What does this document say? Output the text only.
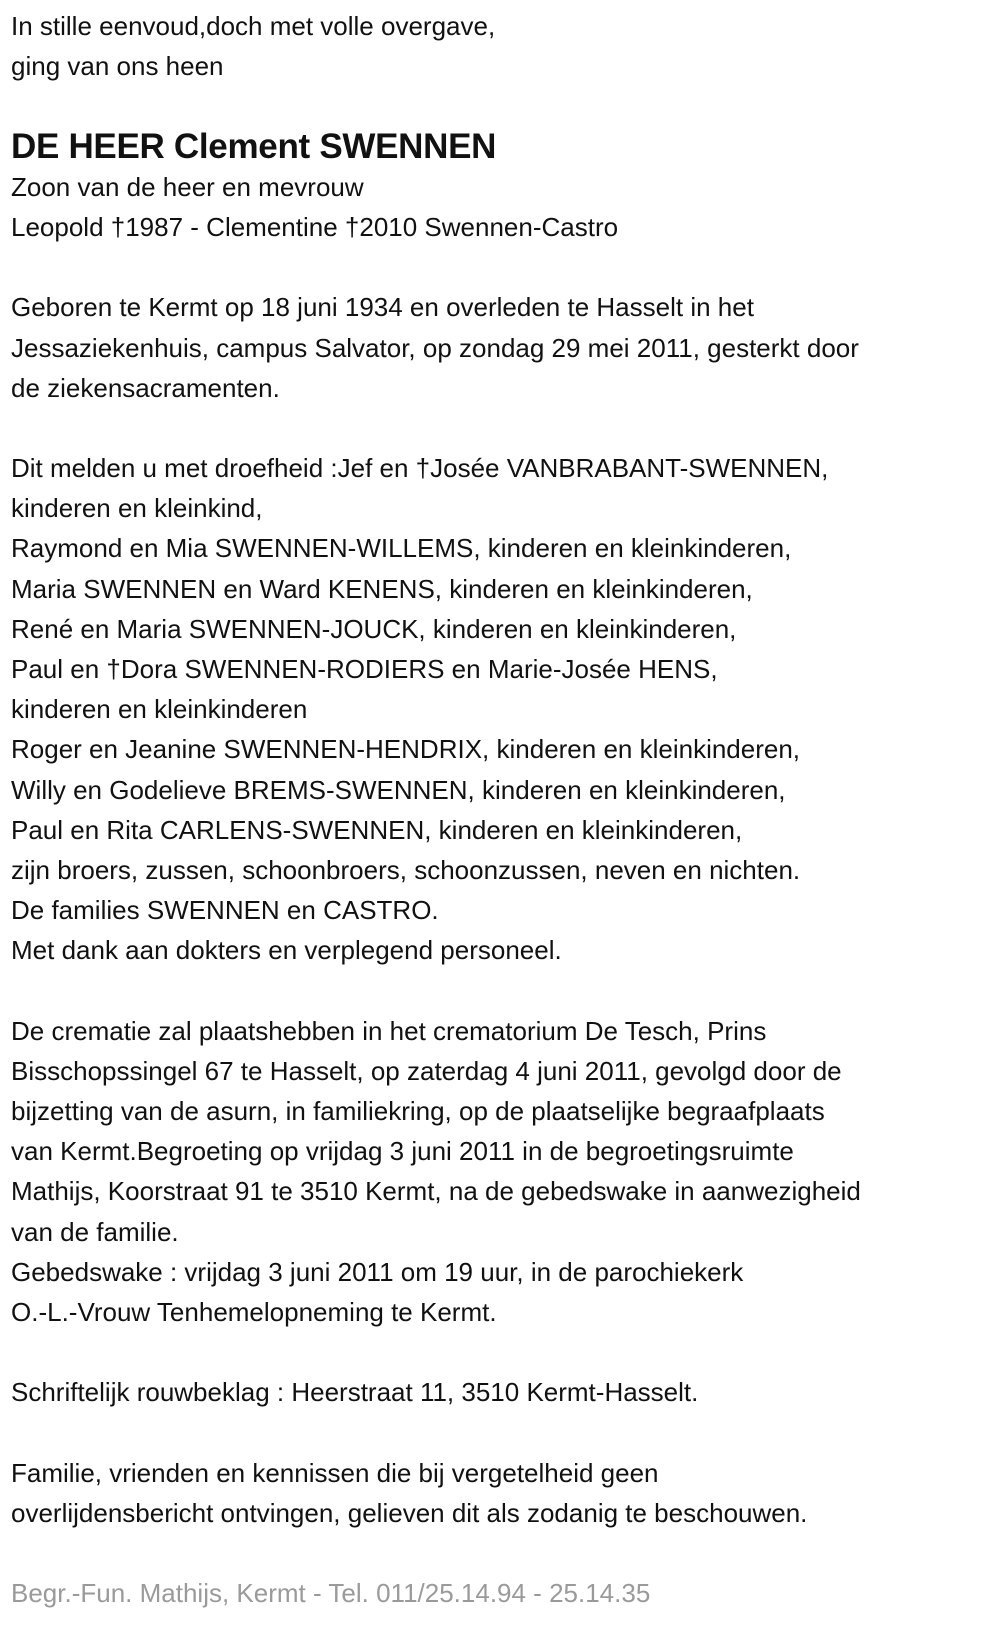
In stille eenvoud,doch met volle overgave,
ging van ons heen
DE HEER Clement SWENNEN
Zoon van de heer en mevrouw
Leopold †1987 - Clementine †2010 Swennen-Castro
Geboren te Kermt op 18 juni 1934 en overleden te Hasselt in het
Jessaziekenhuis, campus Salvator, op zondag 29 mei 2011, gesterkt door
de ziekensacramenten.
Dit melden u met droefheid :Jef en †Josée VANBRABANT-SWENNEN,
kinderen en kleinkind,
Raymond en Mia SWENNEN-WILLEMS, kinderen en kleinkinderen,
Maria SWENNEN en Ward KENENS, kinderen en kleinkinderen,
René en Maria SWENNEN-JOUCK, kinderen en kleinkinderen,
Paul en †Dora SWENNEN-RODIERS en Marie-Josée HENS,
kinderen en kleinkinderen
Roger en Jeanine SWENNEN-HENDRIX, kinderen en kleinkinderen,
Willy en Godelieve BREMS-SWENNEN, kinderen en kleinkinderen,
Paul en Rita CARLENS-SWENNEN, kinderen en kleinkinderen,
zijn broers, zussen, schoonbroers, schoonzussen, neven en nichten.
De families SWENNEN en CASTRO.
Met dank aan dokters en verplegend personeel.
De crematie zal plaatshebben in het crematorium De Tesch, Prins
Bisschopssingel 67 te Hasselt, op zaterdag 4 juni 2011, gevolgd door de
bijzetting van de asurn, in familiekring, op de plaatselijke begraafplaats
van Kermt.Begroeting op vrijdag 3 juni 2011 in de begroetingsruimte
Mathijs, Koorstraat 91 te 3510 Kermt, na de gebedswake in aanwezigheid
van de familie.
Gebedswake : vrijdag 3 juni 2011 om 19 uur, in de parochiekerk
O.-L.-Vrouw Tenhemelopneming te Kermt.
Schriftelijk rouwbeklag : Heerstraat 11, 3510 Kermt-Hasselt.
Familie, vrienden en kennissen die bij vergetelheid geen
overlijdensbericht ontvingen, gelieven dit als zodanig te beschouwen.
Begr.-Fun. Mathijs, Kermt - Tel. 011/25.14.94 - 25.14.35
